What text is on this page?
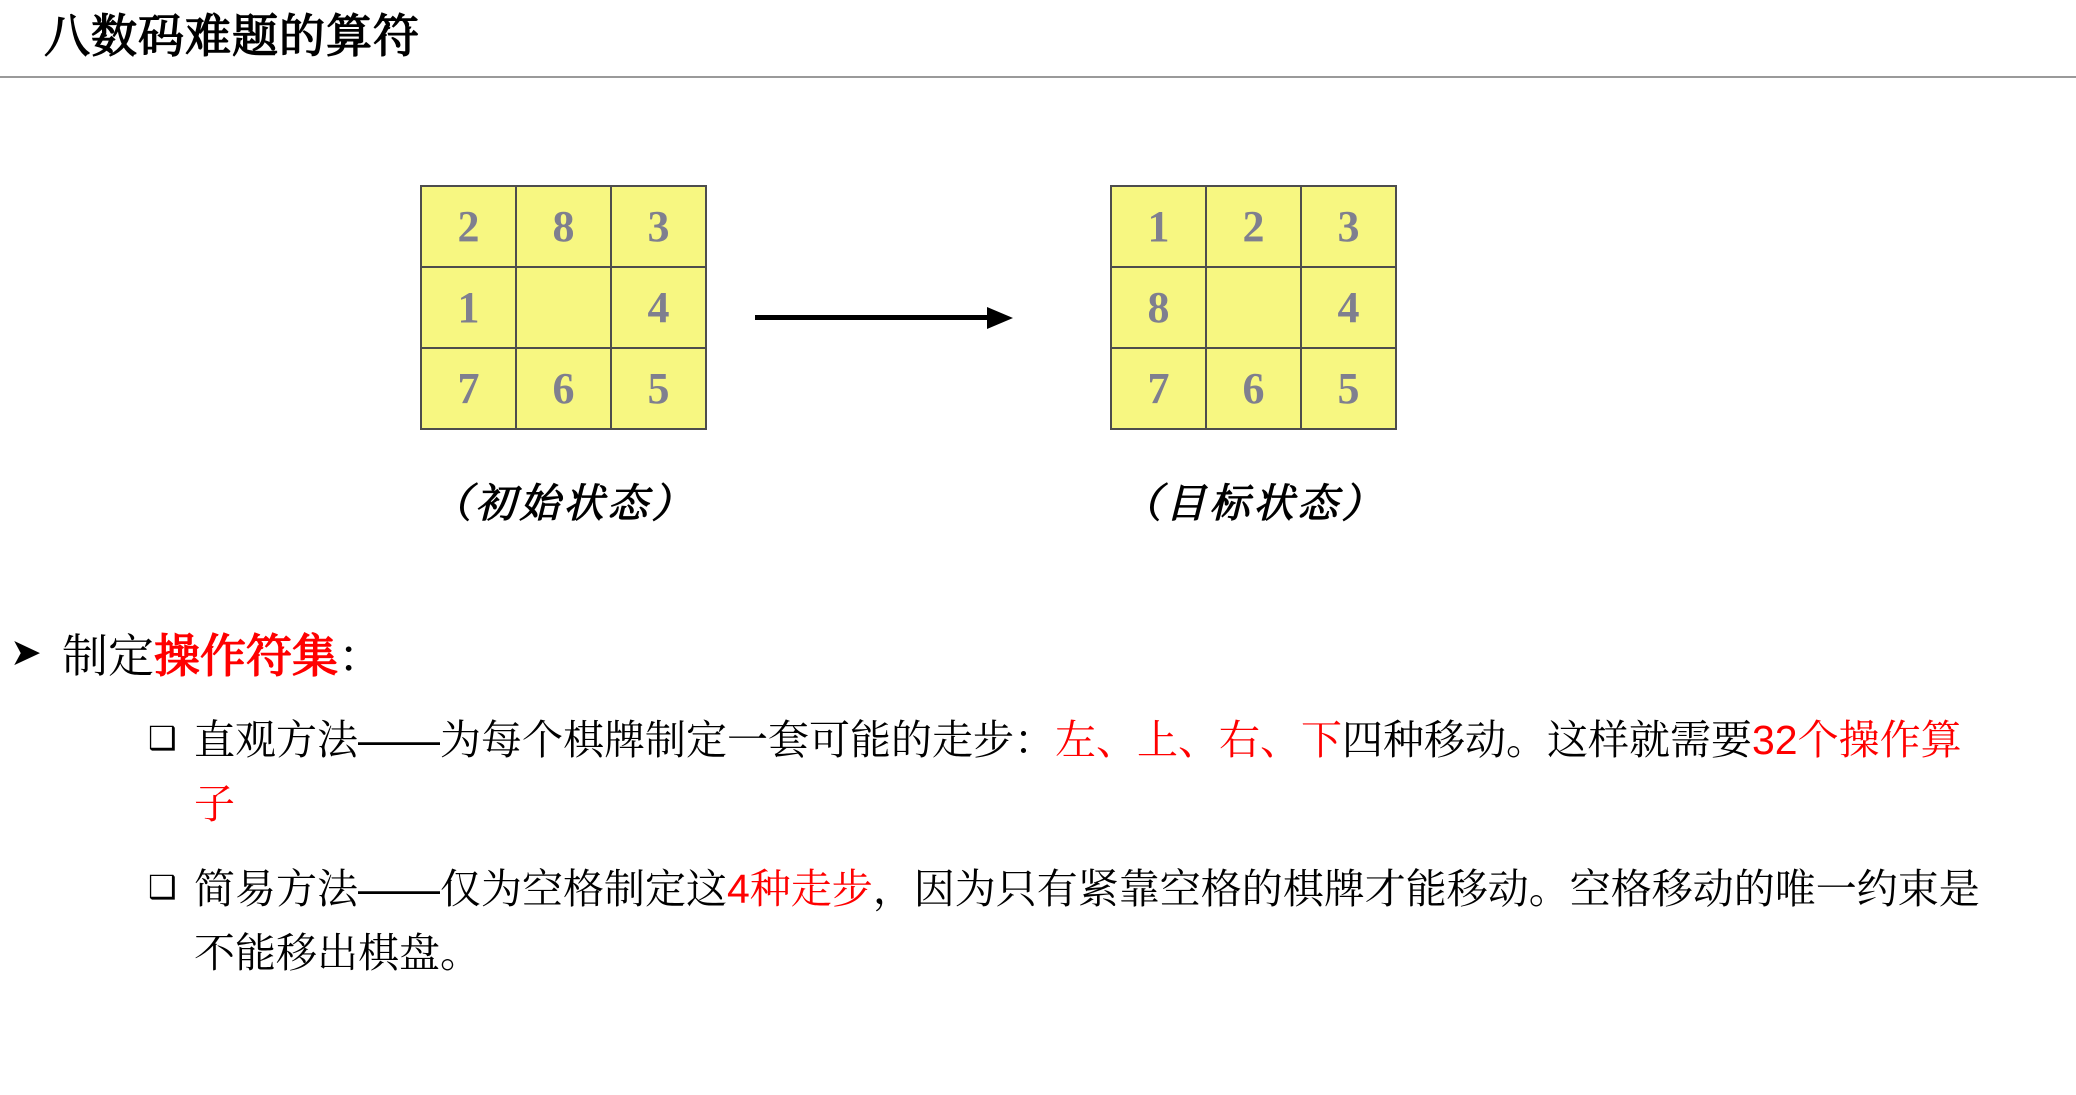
八数码难题的算符
2	8	3
1		4
7	6	5
（初始状态）
1	2	3
8		4
7	6	5
（目标状态）
➤ 制定操作符集：
❑ 直观方法——为每个棋牌制定一套可能的走步：左、上、右、下四种移动。这样就需要32个操作算子
❑ 简易方法——仅为空格制定这4种走步，因为只有紧靠空格的棋牌才能移动。空格移动的唯一约束是不能移出棋盘。
